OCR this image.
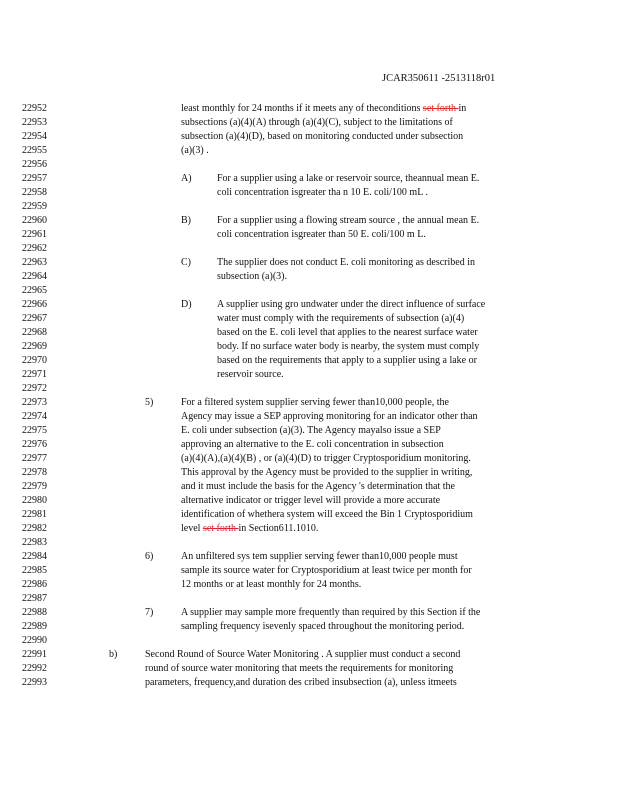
JCAR350611 -2513118r01
22952
22953
22954
22955
22956
22957
22958
22959
22960
22961
22962
22963
22964
22965
22966
22967
22968
22969
22970
22971
22972
22973
22974
22975
22976
22977
22978
22979
22980
22981
22982
22983
22984
22985
22986
22987
22988
22989
22990
22991
22992
22993
least monthly for 24 months if it meets any of theconditions set forth in
subsections (a)(4)(A) through (a)(4)(C), subject to the limitations of
subsection (a)(4)(D), based on monitoring conducted under subsection
(a)(3) .
A)	For a supplier using a lake or reservoir source, theannual mean E.
coli concentration isgreater tha n 10 E. coli/100 mL .
B)	For a supplier using a flowing stream source , the annual mean E.
coli concentration isgreater than 50 E. coli/100 m L.
C)	The supplier does not conduct E. coli monitoring as described in
subsection (a)(3).
D)	A supplier using gro undwater under the direct influence of surface
water must comply with the requirements of subsection (a)(4)
based on the E. coli level that applies to the nearest surface water
body. If no surface water body is nearby, the system must comply
based on the requirements that apply to a supplier using a lake or
reservoir source.
5)	For a filtered system supplier serving fewer than10,000 people, the
Agency may issue a SEP approving monitoring for an indicator other than
E. coli under subsection (a)(3). The Agency mayalso issue a SEP
approving an alternative to the E. coli concentration in subsection
(a)(4)(A),(a)(4)(B) , or (a)(4)(D) to trigger Cryptosporidium monitoring.
This approval by the Agency must be provided to the supplier in writing,
and it must include the basis for the Agency 's determination that the
alternative indicator or trigger level will provide a more accurate
identification of whethera system will exceed the Bin 1 Cryptosporidium
level set forth in Section611.1010.
6)	An unfiltered sys tem supplier serving fewer than10,000 people must
sample its source water for Cryptosporidium at least twice per month for
12 months or at least monthly for 24 months.
7)	A supplier may sample more frequently than required by this Section if the
sampling frequency isevenly spaced throughout the monitoring period.
b)	Second Round of Source Water Monitoring . A supplier must conduct a second
round of source water monitoring that meets the requirements for monitoring
parameters, frequency,and duration des cribed insubsection (a), unless itmeets
